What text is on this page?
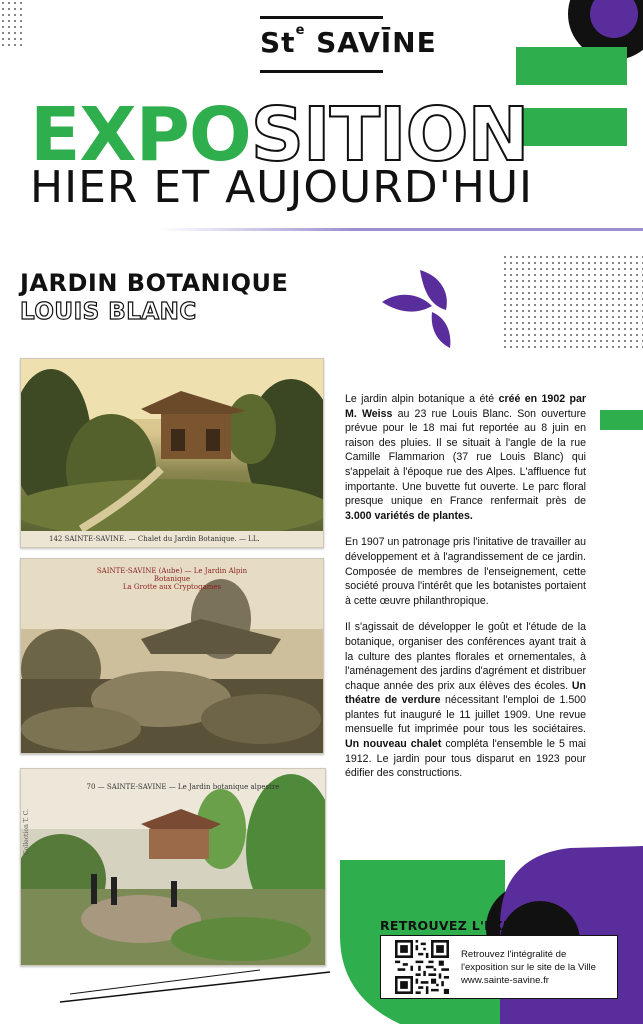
St$^e$ SAVĪNE
EXPOSITION
HIER ET AUJOURD'HUI
JARDIN BOTANIQUE
LOUIS BLANC
142 SAINTE-SAVINE. — Chalet du Jardin Botanique. — LL.
SAINTE-SAVINE (Aube) — Le Jardin Alpin Botanique
La Grotte aux Cryptogames
70 — SAINTE-SAVINE — Le Jardin botanique alpestre
Collection T. C.

Le jardin alpin botanique a été créé en 1902 par M. Weiss au 23 rue Louis Blanc. Son ouverture prévue pour le 18 mai fut reportée au 8 juin en raison des pluies. Il se situait à l'angle de la rue Camille Flammarion (37 rue Louis Blanc) qui s'appelait à l'époque rue des Alpes. L'affluence fut importante. Une buvette fut ouverte. Le parc floral presque unique en France renfermait près de 3.000 variétés de plantes.

En 1907 un patronage pris l'initative de travailler au développement et à l'agrandissement de ce jardin. Composée de membres de l'enseignement, cette société prouva l'intérêt que les botanistes portaient à cette œuvre philanthropique.

Il s'agissait de développer le goût et l'étude de la botanique, organiser des conférences ayant trait à la culture des plantes florales et ornementales, à l'aménagement des jardins d'agrément et distribuer chaque année des prix aux élèves des écoles. Un théatre de verdure nécessitant l'emploi de 1.500 plantes fut inauguré le 11 juillet 1909. Une revue mensuelle fut imprimée pour tous les sociétaires. Un nouveau chalet compléta l'ensemble le 5 mai 1912. Le jardin pour tous disparut en 1923 pour édifier des constructions.

RETROUVEZ L'EXPOSITION
Retrouvez l'intégralité de
l'exposition sur le site de la Ville
www.sainte-savine.fr
